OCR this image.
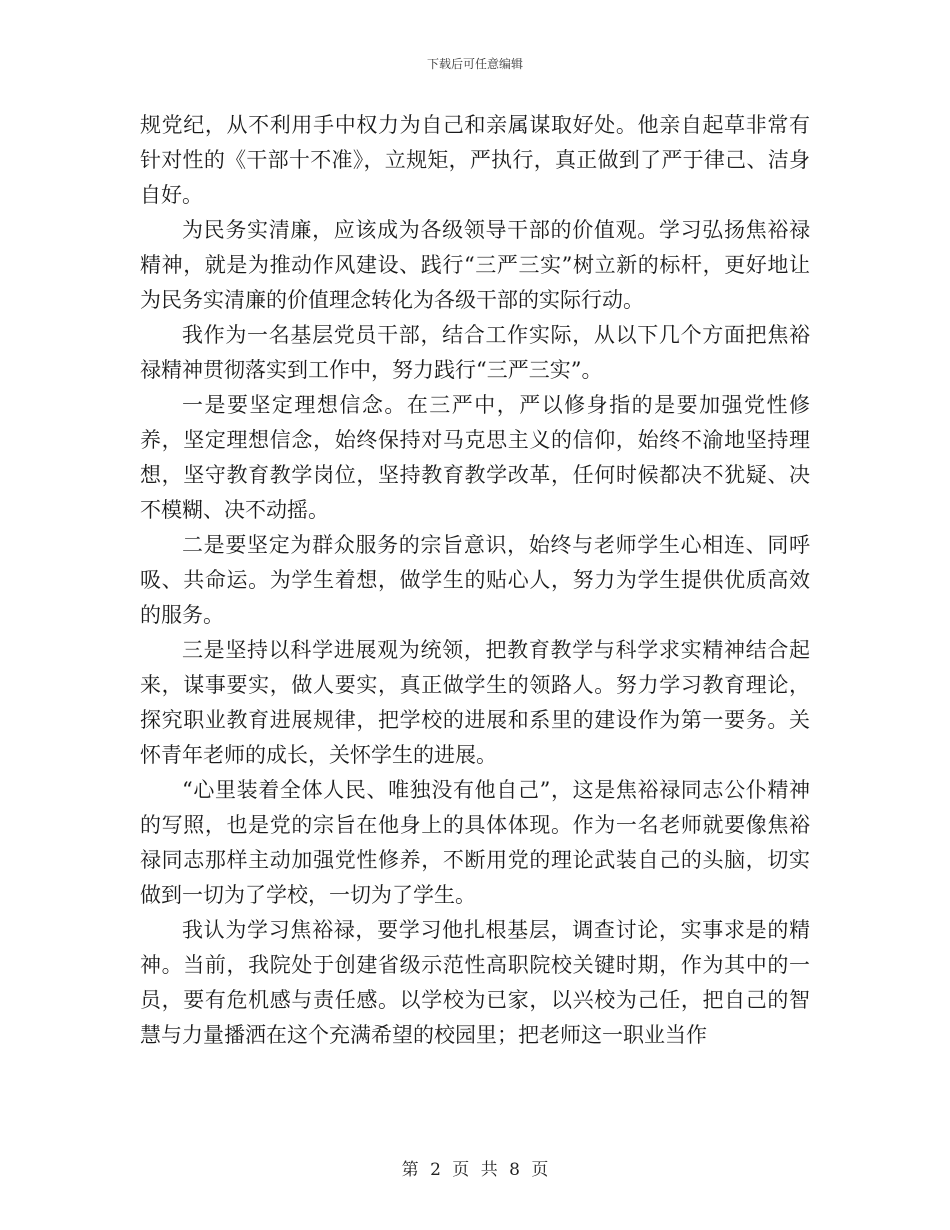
下载后可任意编辑

规党纪，从不利用手中权力为自己和亲属谋取好处。他亲自起草非常有针对性的《干部十不准》，立规矩，严执行，真正做到了严于律己、洁身自好。

为民务实清廉，应该成为各级领导干部的价值观。学习弘扬焦裕禄精神，就是为推动作风建设、践行“三严三实”树立新的标杆，更好地让为民务实清廉的价值理念转化为各级干部的实际行动。

我作为一名基层党员干部，结合工作实际，从以下几个方面把焦裕禄精神贯彻落实到工作中，努力践行“三严三实”。

一是要坚定理想信念。在三严中，严以修身指的是要加强党性修养，坚定理想信念，始终保持对马克思主义的信仰，始终不渝地坚持理想，坚守教育教学岗位，坚持教育教学改革，任何时候都决不犹疑、决不模糊、决不动摇。

二是要坚定为群众服务的宗旨意识，始终与老师学生心相连、同呼吸、共命运。为学生着想，做学生的贴心人，努力为学生提供优质高效的服务。

三是坚持以科学进展观为统领，把教育教学与科学求实精神结合起来，谋事要实，做人要实，真正做学生的领路人。努力学习教育理论，探究职业教育进展规律，把学校的进展和系里的建设作为第一要务。关怀青年老师的成长，关怀学生的进展。

“心里装着全体人民、唯独没有他自己”，这是焦裕禄同志公仆精神的写照，也是党的宗旨在他身上的具体体现。作为一名老师就要像焦裕禄同志那样主动加强党性修养，不断用党的理论武装自己的头脑，切实做到一切为了学校，一切为了学生。

我认为学习焦裕禄，要学习他扎根基层，调查讨论，实事求是的精神。当前，我院处于创建省级示范性高职院校关键时期，作为其中的一员，要有危机感与责任感。以学校为已家，以兴校为己任，把自己的智慧与力量播洒在这个充满希望的校园里；把老师这一职业当作

第 2 页 共 8 页
